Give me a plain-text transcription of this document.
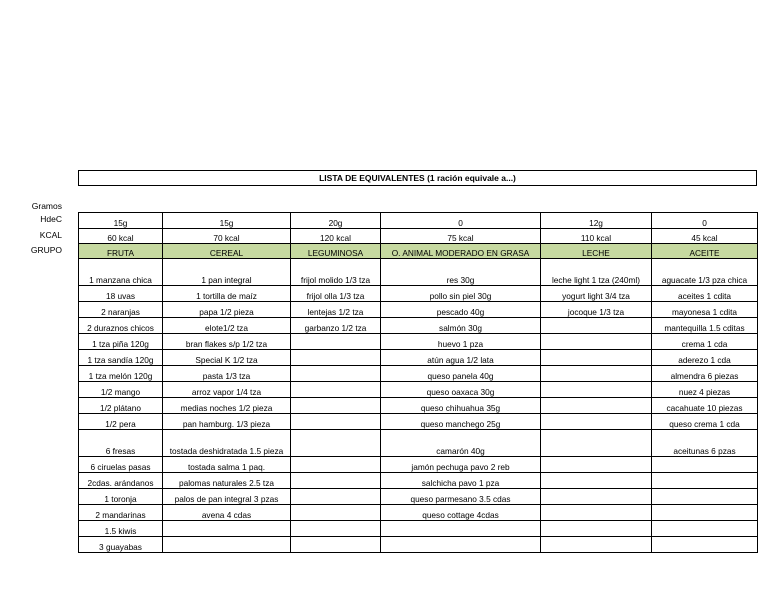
LISTA DE EQUIVALENTES (1 ración equivale a...)
Gramos
HdeC
KCAL
GRUPO
15g	15g	20g	0	12g	0
60 kcal	70 kcal	120 kcal	75 kcal	110 kcal	45 kcal
FRUTA	CEREAL	LEGUMINOSA	O. ANIMAL MODERADO EN GRASA	LECHE	ACEITE
1 manzana chica	1 pan integral	frijol molido 1/3 tza	res 30g	leche light 1 tza (240ml)	aguacate 1/3 pza chica
18 uvas	1 tortilla de maíz	frijol olla 1/3 tza	pollo sin piel 30g	yogurt light 3/4 tza	aceites 1 cdita
2 naranjas	papa 1/2 pieza	lentejas 1/2 tza	pescado 40g	jocoque 1/3 tza	mayonesa 1 cdita
2 duraznos chicos	elote1/2 tza	garbanzo 1/2 tza	salmón 30g		mantequilla 1.5 cditas
1 tza piña 120g	bran flakes s/p 1/2 tza		huevo 1 pza		crema 1 cda
1 tza sandía 120g	Special K 1/2 tza		atún agua 1/2 lata		aderezo 1 cda
1 tza melón 120g	pasta 1/3 tza		queso panela 40g		almendra 6 piezas
1/2 mango	arroz vapor 1/4 tza		queso oaxaca 30g		nuez 4 piezas
1/2 plátano	medias noches 1/2 pieza		queso chihuahua 35g		cacahuate 10 piezas
1/2 pera	pan hamburg. 1/3 pieza		queso manchego 25g		queso crema 1 cda
6 fresas	tostada deshidratada 1.5 pieza		camarón 40g		aceitunas 6 pzas
6 ciruelas pasas	tostada salma 1 paq.		jamón pechuga pavo 2 reb		
2cdas. arándanos	palomas naturales 2.5 tza		salchicha pavo 1 pza		
1 toronja	palos de pan integral 3 pzas		queso parmesano 3.5 cdas		
2 mandarinas	avena 4 cdas		queso cottage 4cdas		
1.5 kiwis					
3 guayabas					
